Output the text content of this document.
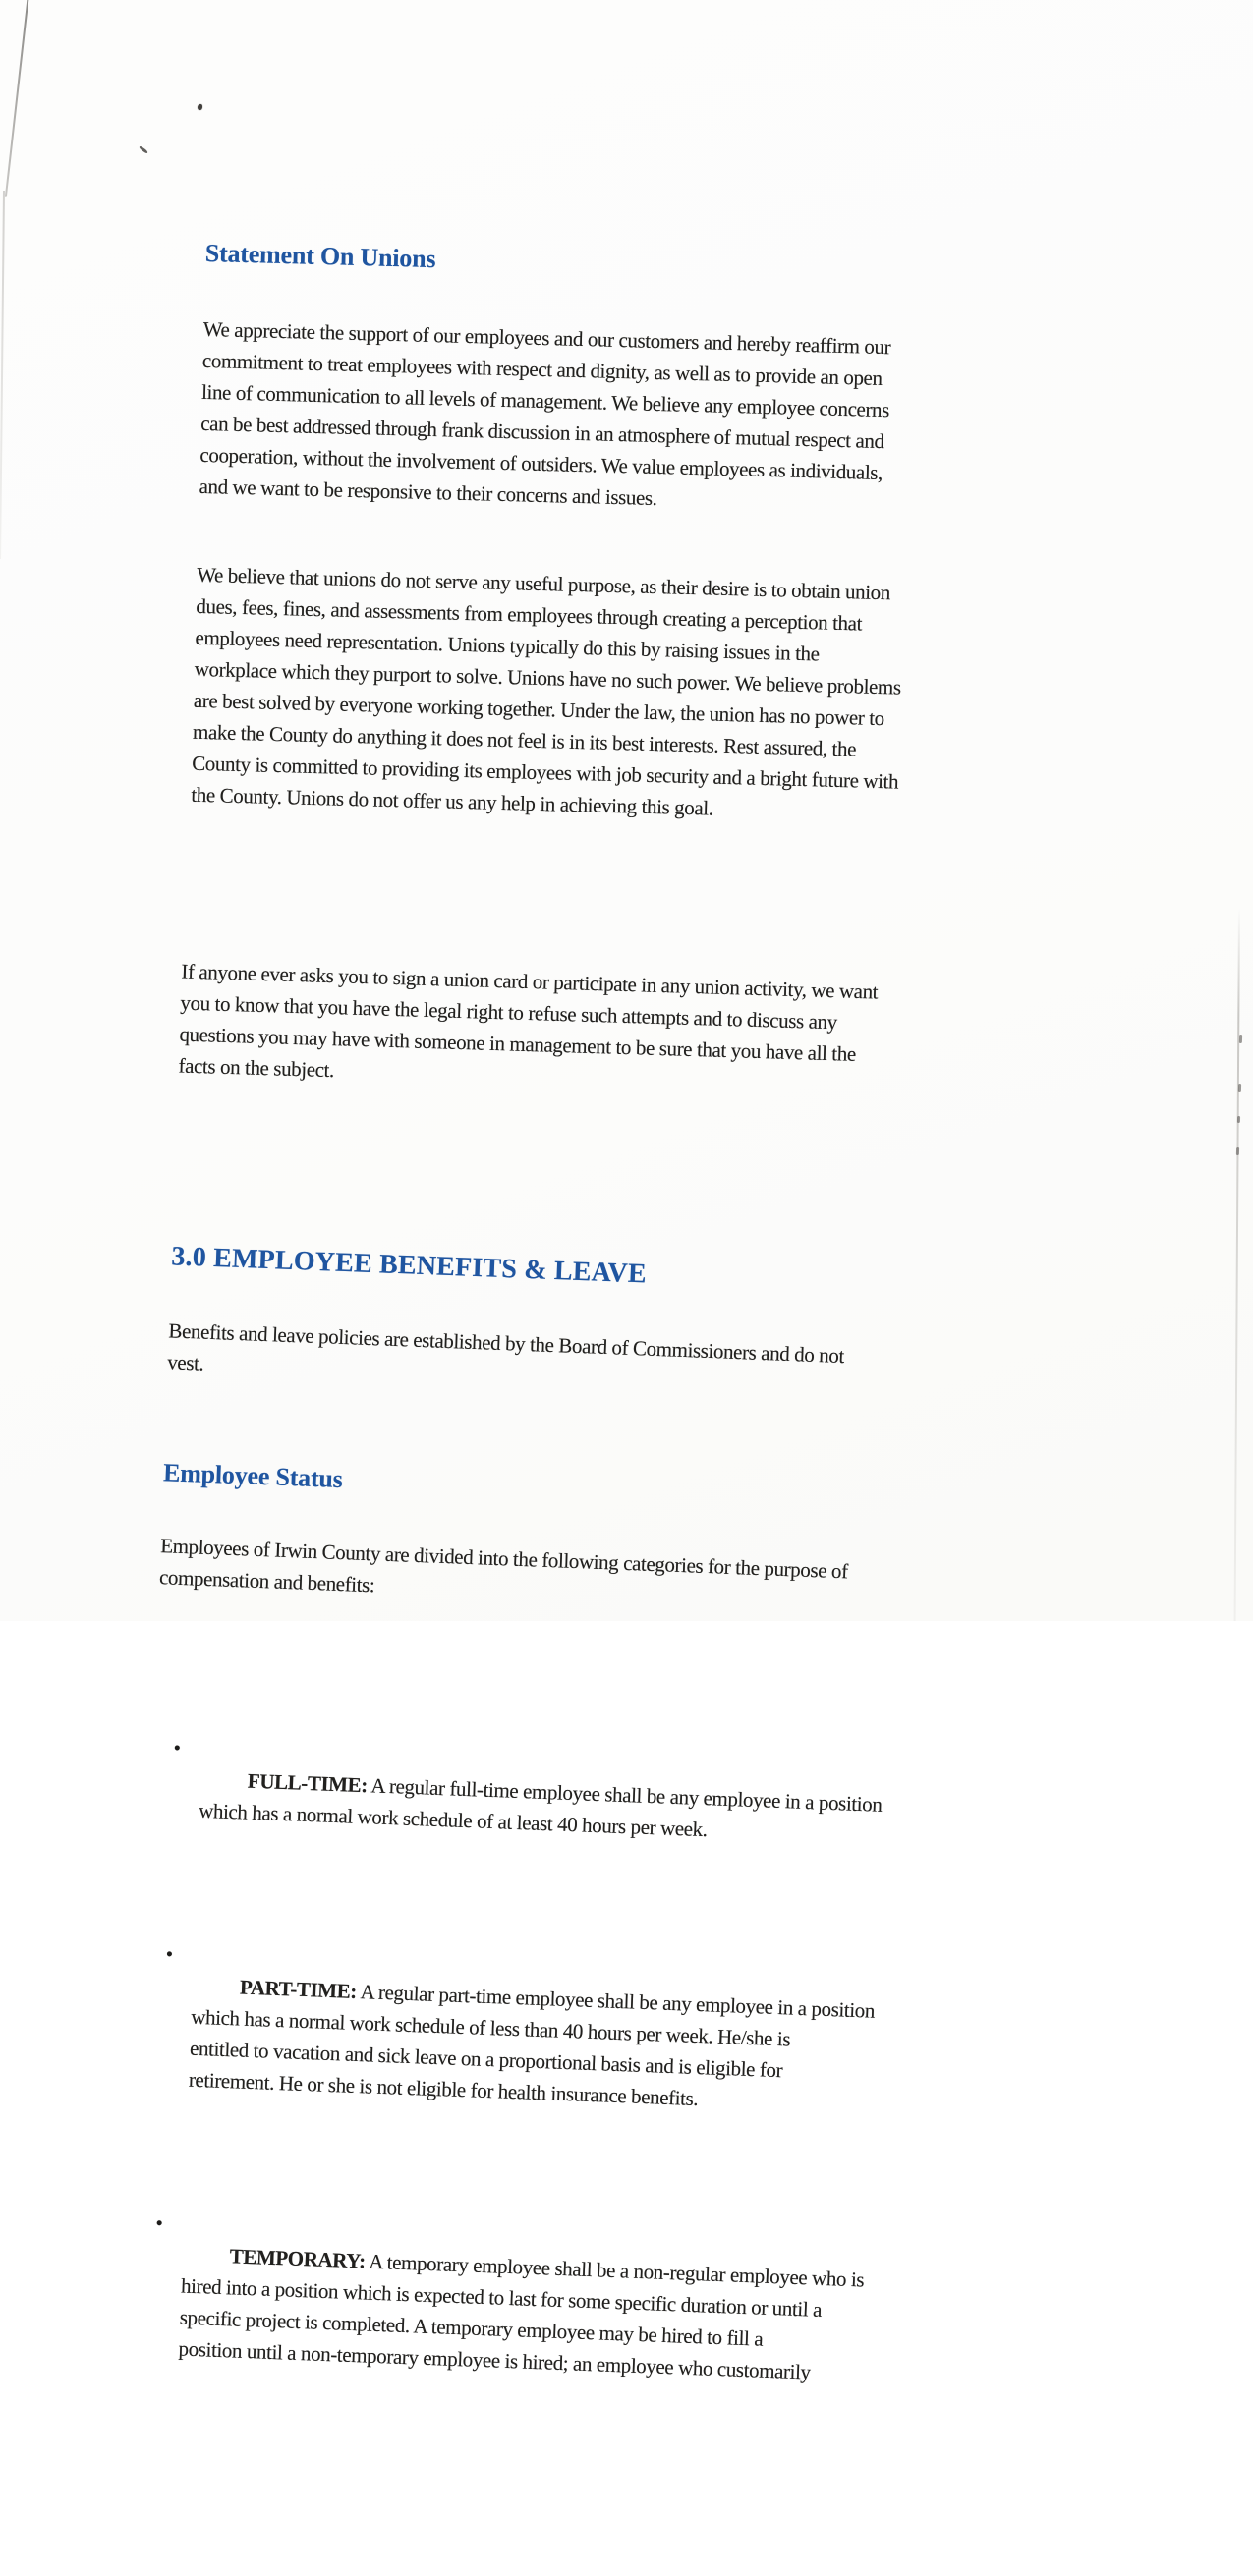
Statement On Unions

We appreciate the support of our employees and our customers and hereby reaffirm our
commitment to treat employees with respect and dignity, as well as to provide an open
line of communication to all levels of management. We believe any employee concerns
can be best addressed through frank discussion in an atmosphere of mutual respect and
cooperation, without the involvement of outsiders. We value employees as individuals,
and we want to be responsive to their concerns and issues.

We believe that unions do not serve any useful purpose, as their desire is to obtain union
dues, fees, fines, and assessments from employees through creating a perception that
employees need representation. Unions typically do this by raising issues in the
workplace which they purport to solve. Unions have no such power. We believe problems
are best solved by everyone working together. Under the law, the union has no power to
make the County do anything it does not feel is in its best interests. Rest assured, the
County is committed to providing its employees with job security and a bright future with
the County. Unions do not offer us any help in achieving this goal.

If anyone ever asks you to sign a union card or participate in any union activity, we want
you to know that you have the legal right to refuse such attempts and to discuss any
questions you may have with someone in management to be sure that you have all the
facts on the subject.

3.0 EMPLOYEE BENEFITS & LEAVE

Benefits and leave policies are established by the Board of Commissioners and do not
vest.

Employee Status

Employees of Irwin County are divided into the following categories for the purpose of
compensation and benefits:

•
FULL-TIME: A regular full-time employee shall be any employee in a position
which has a normal work schedule of at least 40 hours per week.

•
PART-TIME: A regular part-time employee shall be any employee in a position
which has a normal work schedule of less than 40 hours per week. He/she is
entitled to vacation and sick leave on a proportional basis and is eligible for
retirement. He or she is not eligible for health insurance benefits.

•
TEMPORARY: A temporary employee shall be a non-regular employee who is
hired into a position which is expected to last for some specific duration or until a
specific project is completed. A temporary employee may be hired to fill a
position until a non-temporary employee is hired; an employee who customarily
